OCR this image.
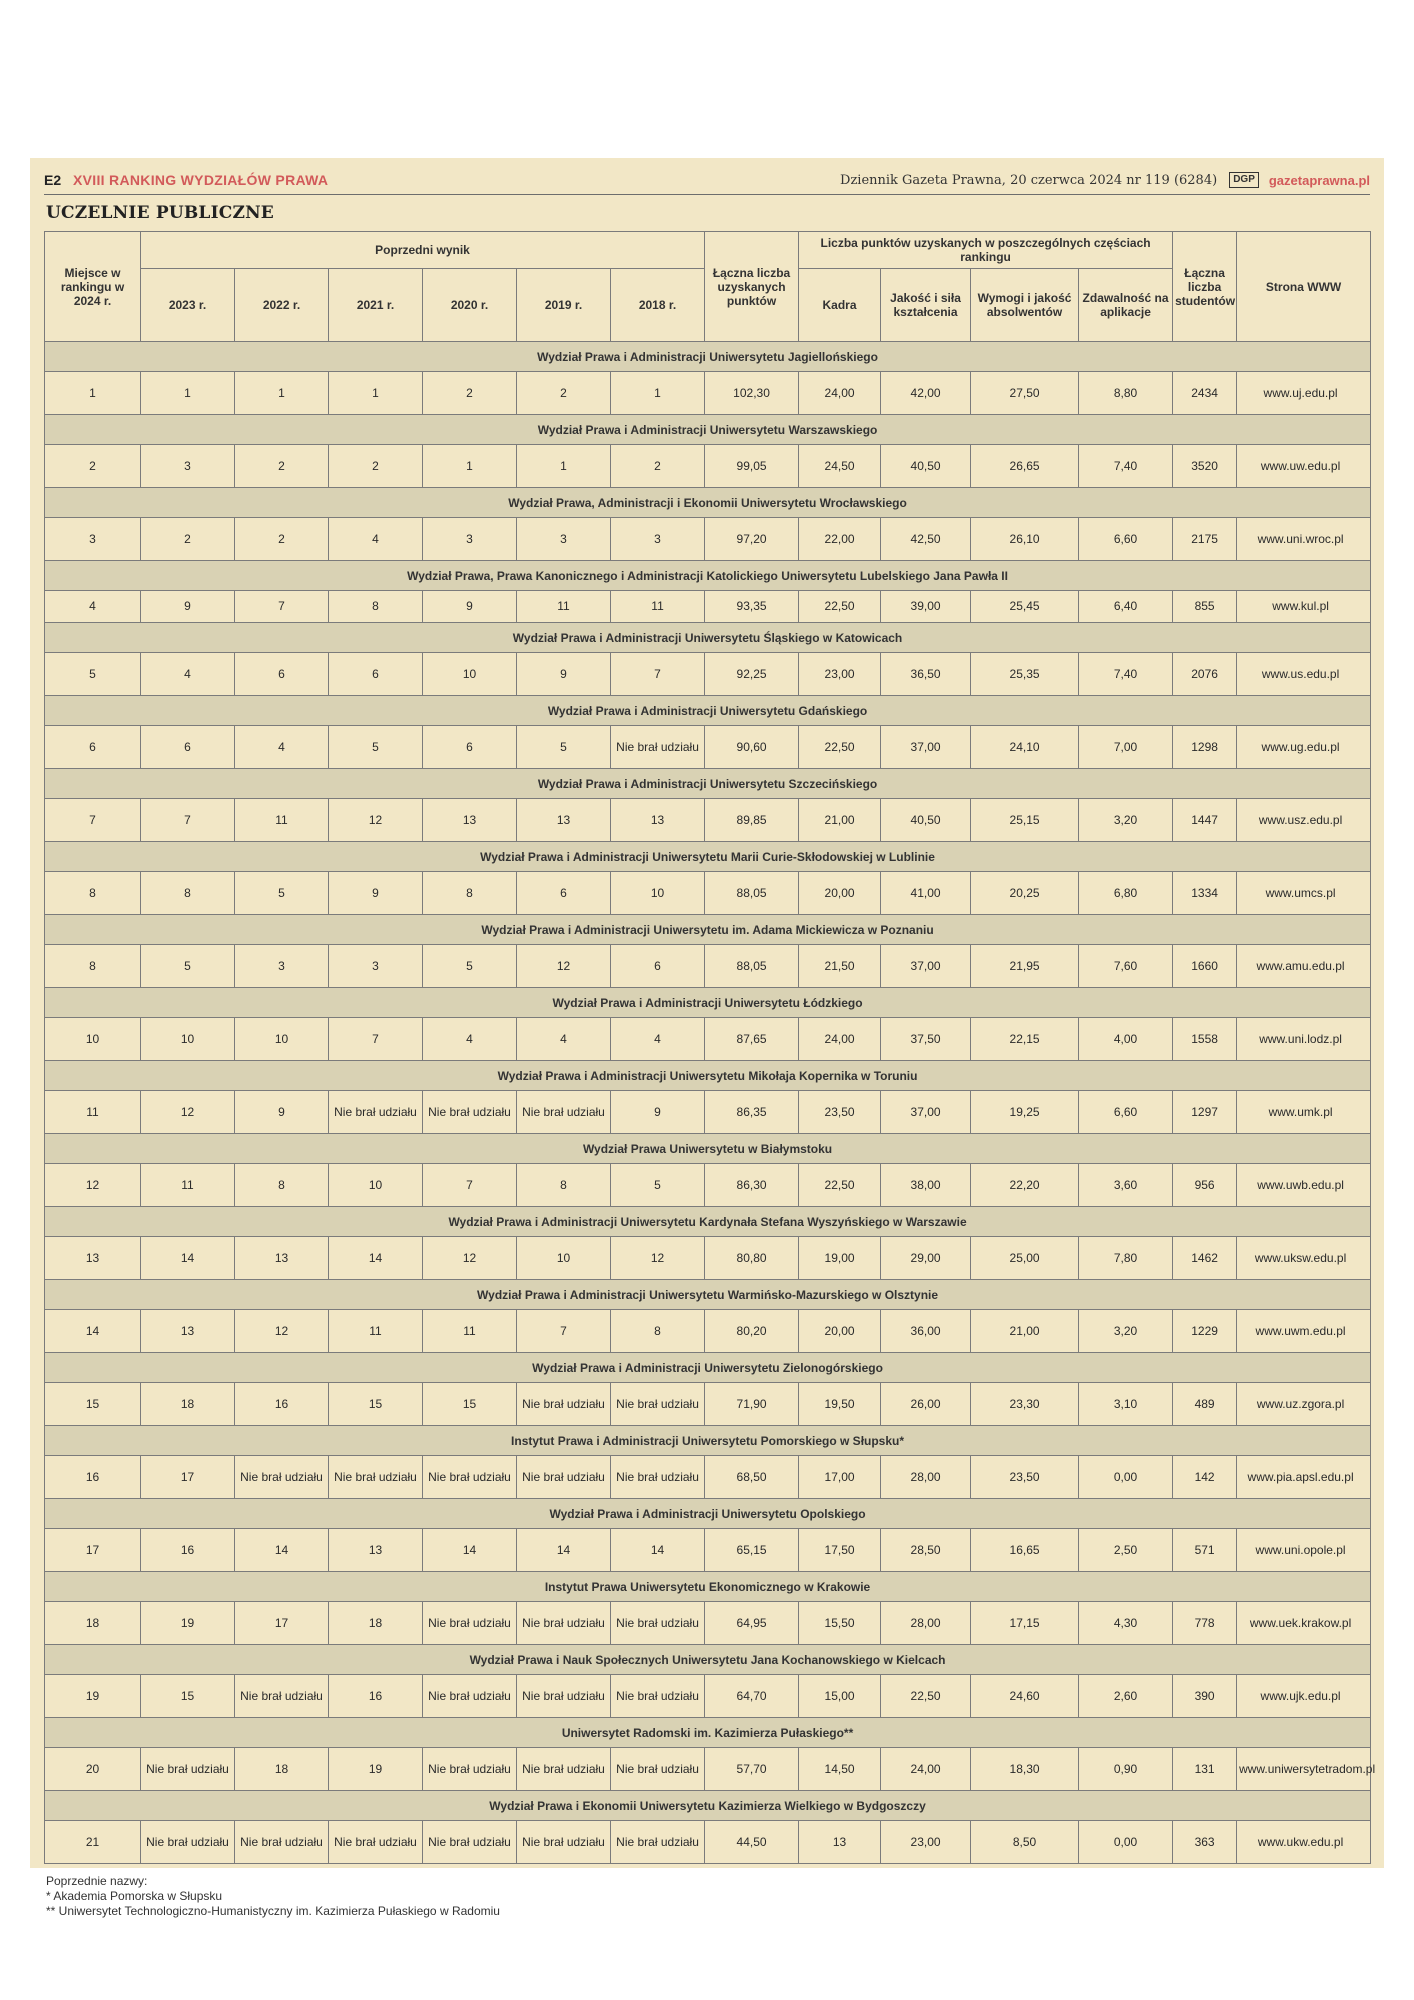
E2 XVIII RANKING WYDZIAŁÓW PRAWA	Dziennik Gazeta Prawna, 20 czerwca 2024 nr 119 (6284)	DGP	gazetaprawna.pl
UCZELNIE PUBLICZNE
Miejsce w rankingu w 2024 r.	Poprzedni wynik						Łączna liczba uzyskanych punktów	Liczba punktów uzyskanych w poszczególnych częściach rankingu				Łączna liczba studentów	Strona WWW
	2023 r.	2022 r.	2021 r.	2020 r.	2019 r.	2018 r.		Kadra	Jakość i siła kształcenia	Wymogi i jakość absolwentów	Zdawalność na aplikacje		
Wydział Prawa i Administracji Uniwersytetu Jagiellońskiego													
1	1	1	1	2	2	1	102,30	24,00	42,00	27,50	8,80	2434	www.uj.edu.pl
Wydział Prawa i Administracji Uniwersytetu Warszawskiego													
2	3	2	2	1	1	2	99,05	24,50	40,50	26,65	7,40	3520	www.uw.edu.pl
Wydział Prawa, Administracji i Ekonomii Uniwersytetu Wrocławskiego													
3	2	2	4	3	3	3	97,20	22,00	42,50	26,10	6,60	2175	www.uni.wroc.pl
Wydział Prawa, Prawa Kanonicznego i Administracji Katolickiego Uniwersytetu Lubelskiego Jana Pawła II													
4	9	7	8	9	11	11	93,35	22,50	39,00	25,45	6,40	855	www.kul.pl
Wydział Prawa i Administracji Uniwersytetu Śląskiego w Katowicach													
5	4	6	6	10	9	7	92,25	23,00	36,50	25,35	7,40	2076	www.us.edu.pl
Wydział Prawa i Administracji Uniwersytetu Gdańskiego													
6	6	4	5	6	5	Nie brał udziału	90,60	22,50	37,00	24,10	7,00	1298	www.ug.edu.pl
Wydział Prawa i Administracji Uniwersytetu Szczecińskiego													
7	7	11	12	13	13	13	89,85	21,00	40,50	25,15	3,20	1447	www.usz.edu.pl
Wydział Prawa i Administracji Uniwersytetu Marii Curie-Skłodowskiej w Lublinie													
8	8	5	9	8	6	10	88,05	20,00	41,00	20,25	6,80	1334	www.umcs.pl
Wydział Prawa i Administracji Uniwersytetu im. Adama Mickiewicza w Poznaniu													
8	5	3	3	5	12	6	88,05	21,50	37,00	21,95	7,60	1660	www.amu.edu.pl
Wydział Prawa i Administracji Uniwersytetu Łódzkiego													
10	10	10	7	4	4	4	87,65	24,00	37,50	22,15	4,00	1558	www.uni.lodz.pl
Wydział Prawa i Administracji Uniwersytetu Mikołaja Kopernika w Toruniu													
11	12	9	Nie brał udziału	Nie brał udziału	Nie brał udziału	9	86,35	23,50	37,00	19,25	6,60	1297	www.umk.pl
Wydział Prawa Uniwersytetu w Białymstoku													
12	11	8	10	7	8	5	86,30	22,50	38,00	22,20	3,60	956	www.uwb.edu.pl
Wydział Prawa i Administracji Uniwersytetu Kardynała Stefana Wyszyńskiego w Warszawie													
13	14	13	14	12	10	12	80,80	19,00	29,00	25,00	7,80	1462	www.uksw.edu.pl
Wydział Prawa i Administracji Uniwersytetu Warmińsko-Mazurskiego w Olsztynie													
14	13	12	11	11	7	8	80,20	20,00	36,00	21,00	3,20	1229	www.uwm.edu.pl
Wydział Prawa i Administracji Uniwersytetu Zielonogórskiego													
15	18	16	15	15	Nie brał udziału	Nie brał udziału	71,90	19,50	26,00	23,30	3,10	489	www.uz.zgora.pl
Instytut Prawa i Administracji Uniwersytetu Pomorskiego w Słupsku*													
16	17	Nie brał udziału	Nie brał udziału	Nie brał udziału	Nie brał udziału	Nie brał udziału	68,50	17,00	28,00	23,50	0,00	142	www.pia.apsl.edu.pl
Wydział Prawa i Administracji Uniwersytetu Opolskiego													
17	16	14	13	14	14	14	65,15	17,50	28,50	16,65	2,50	571	www.uni.opole.pl
Instytut Prawa Uniwersytetu Ekonomicznego w Krakowie													
18	19	17	18	Nie brał udziału	Nie brał udziału	Nie brał udziału	64,95	15,50	28,00	17,15	4,30	778	www.uek.krakow.pl
Wydział Prawa i Nauk Społecznych Uniwersytetu Jana Kochanowskiego w Kielcach													
19	15	Nie brał udziału	16	Nie brał udziału	Nie brał udziału	Nie brał udziału	64,70	15,00	22,50	24,60	2,60	390	www.ujk.edu.pl
Uniwersytet Radomski im. Kazimierza Pułaskiego**													
20	Nie brał udziału	18	19	Nie brał udziału	Nie brał udziału	Nie brał udziału	57,70	14,50	24,00	18,30	0,90	131	www.uniwersytetradom.pl
Wydział Prawa i Ekonomii Uniwersytetu Kazimierza Wielkiego w Bydgoszczy													
21	Nie brał udziału	Nie brał udziału	Nie brał udziału	Nie brał udziału	Nie brał udziału	Nie brał udziału	44,50	13	23,00	8,50	0,00	363	www.ukw.edu.pl
Poprzednie nazwy:
* Akademia Pomorska w Słupsku
** Uniwersytet Technologiczno-Humanistyczny im. Kazimierza Pułaskiego w Radomiu
